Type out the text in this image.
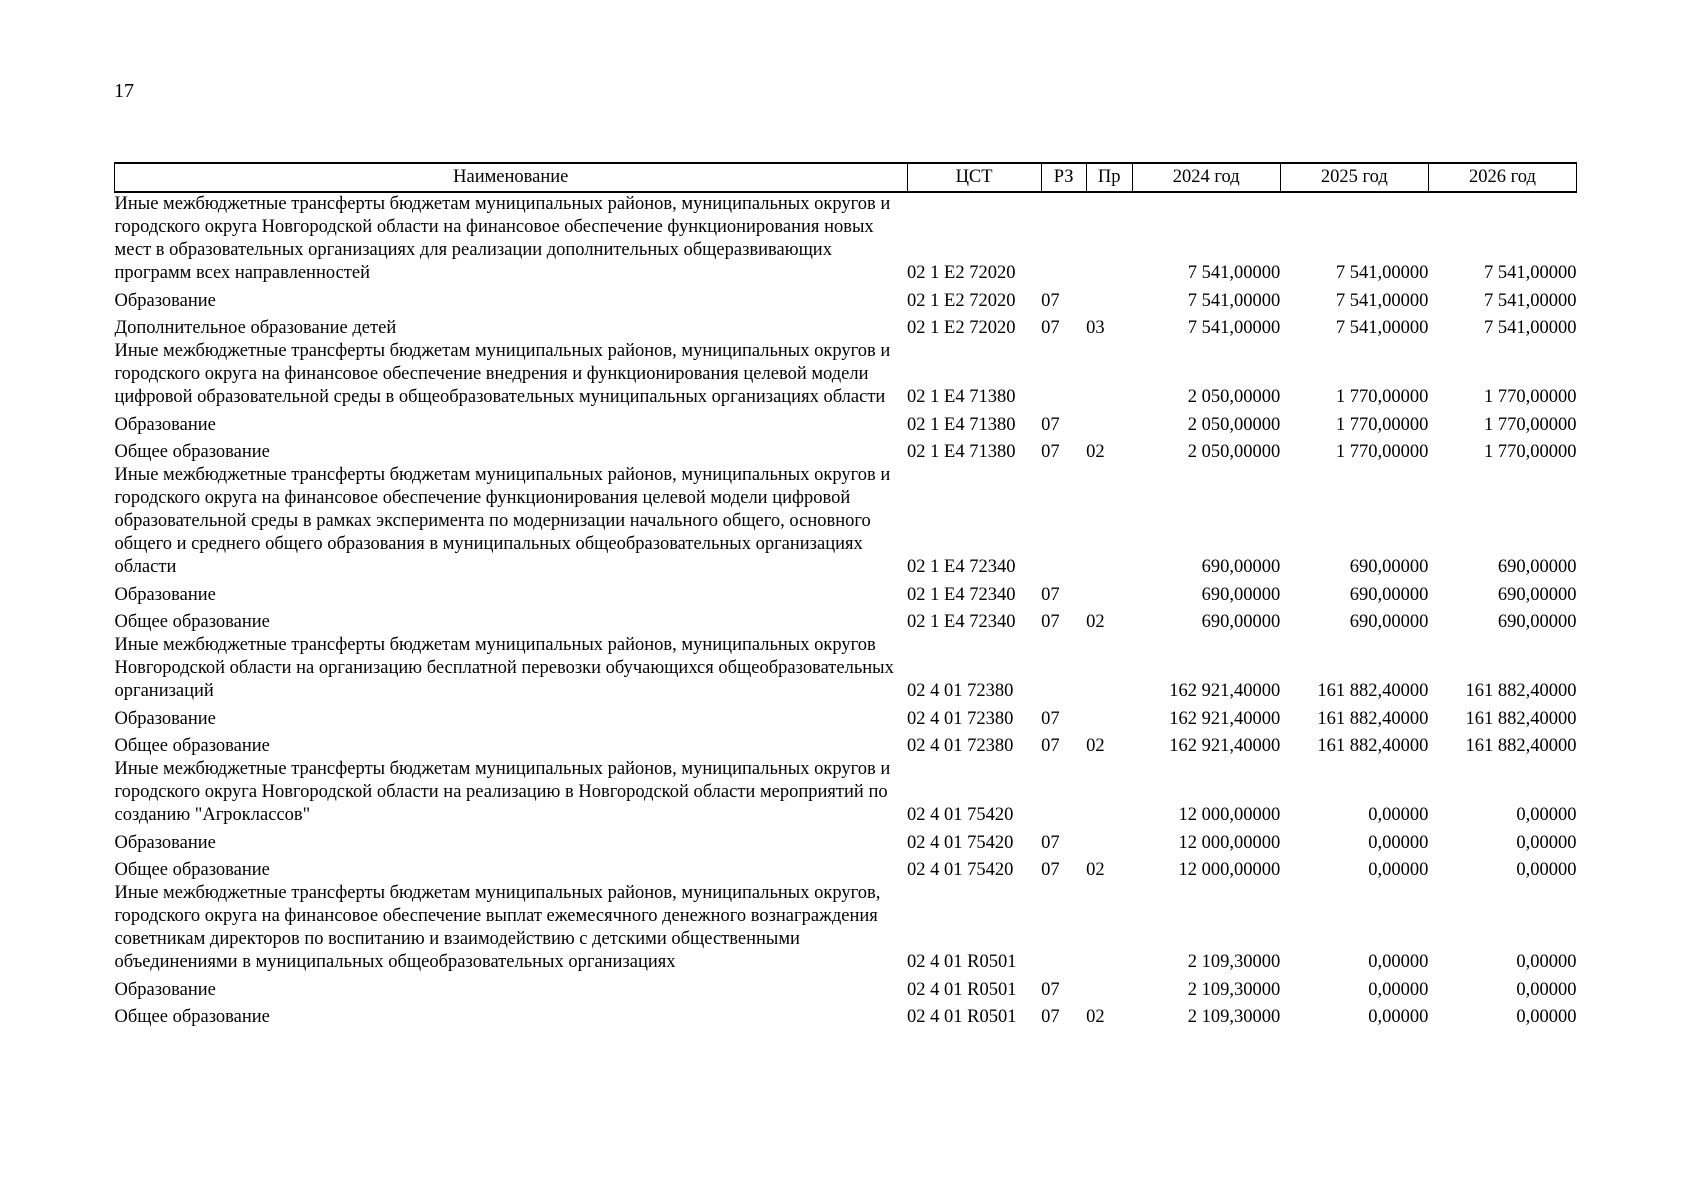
17
Наименование	ЦСТ	РЗ	Пр	2024 год	2025 год	2026 год
Иные межбюджетные трансферты бюджетам муниципальных районов, муниципальных округов и городского округа Новгородской области на финансовое обеспечение функционирования новых мест в образовательных организациях для реализации дополнительных общеразвивающих программ всех направленностей	02 1 E2 72020			7 541,00000	7 541,00000	7 541,00000
Образование	02 1 E2 72020	07		7 541,00000	7 541,00000	7 541,00000
Дополнительное образование детей	02 1 E2 72020	07	03	7 541,00000	7 541,00000	7 541,00000
Иные межбюджетные трансферты бюджетам муниципальных районов, муниципальных округов и городского округа на финансовое обеспечение внедрения и функционирования целевой модели цифровой образовательной среды в общеобразовательных муниципальных организациях области	02 1 E4 71380			2 050,00000	1 770,00000	1 770,00000
Образование	02 1 E4 71380	07		2 050,00000	1 770,00000	1 770,00000
Общее образование	02 1 E4 71380	07	02	2 050,00000	1 770,00000	1 770,00000
Иные межбюджетные трансферты бюджетам муниципальных районов, муниципальных округов и городского округа на финансовое обеспечение функционирования целевой модели цифровой образовательной среды в рамках эксперимента по модернизации начального общего, основного общего и среднего общего образования в муниципальных общеобразовательных организациях области	02 1 E4 72340			690,00000	690,00000	690,00000
Образование	02 1 E4 72340	07		690,00000	690,00000	690,00000
Общее образование	02 1 E4 72340	07	02	690,00000	690,00000	690,00000
Иные межбюджетные трансферты бюджетам муниципальных районов, муниципальных округов Новгородской области на организацию бесплатной перевозки обучающихся общеобразовательных организаций	02 4 01 72380			162 921,40000	161 882,40000	161 882,40000
Образование	02 4 01 72380	07		162 921,40000	161 882,40000	161 882,40000
Общее образование	02 4 01 72380	07	02	162 921,40000	161 882,40000	161 882,40000
Иные межбюджетные трансферты бюджетам муниципальных районов, муниципальных округов и городского округа Новгородской области на реализацию в Новгородской области мероприятий по созданию "Агроклассов"	02 4 01 75420			12 000,00000	0,00000	0,00000
Образование	02 4 01 75420	07		12 000,00000	0,00000	0,00000
Общее образование	02 4 01 75420	07	02	12 000,00000	0,00000	0,00000
Иные межбюджетные трансферты бюджетам муниципальных районов, муниципальных округов, городского округа на финансовое обеспечение выплат ежемесячного денежного вознаграждения советникам директоров по воспитанию и взаимодействию с детскими общественными объединениями в муниципальных общеобразовательных организациях	02 4 01 R0501			2 109,30000	0,00000	0,00000
Образование	02 4 01 R0501	07		2 109,30000	0,00000	0,00000
Общее образование	02 4 01 R0501	07	02	2 109,30000	0,00000	0,00000
